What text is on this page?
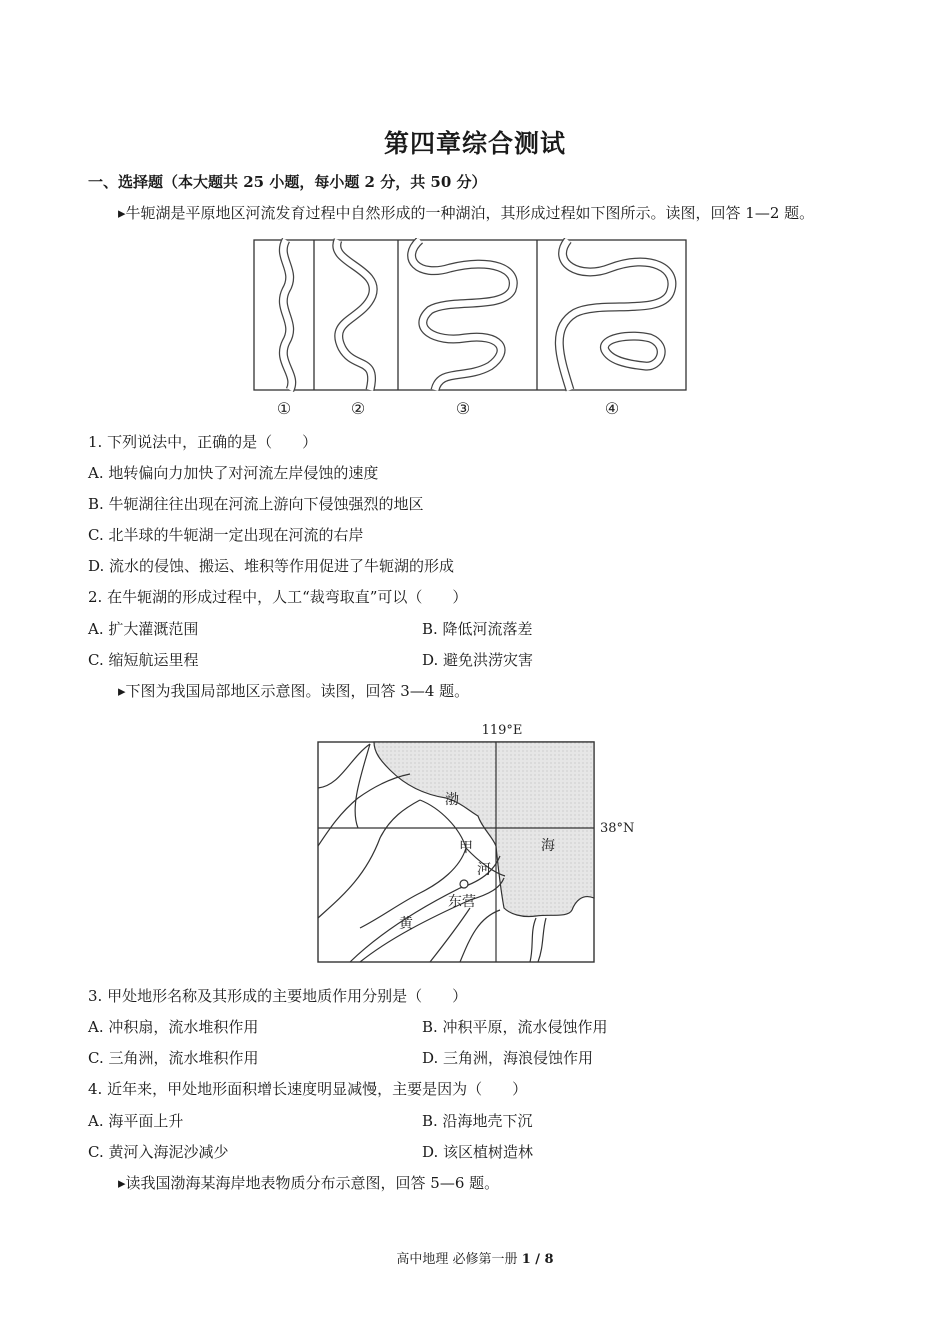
第四章综合测试
一、选择题（本大题共 25 小题，每小题 2 分，共 50 分）
▸牛轭湖是平原地区河流发育过程中自然形成的一种湖泊，其形成过程如下图所示。读图，回答 1—2 题。
①	②	③	④
1. 下列说法中，正确的是（　　）
A. 地转偏向力加快了对河流左岸侵蚀的速度
B. 牛轭湖往往出现在河流上游向下侵蚀强烈的地区
C. 北半球的牛轭湖一定出现在河流的右岸
D. 流水的侵蚀、搬运、堆积等作用促进了牛轭湖的形成
2. 在牛轭湖的形成过程中，人工“裁弯取直”可以（　　）
A. 扩大灌溉范围	B. 降低河流落差
C. 缩短航运里程	D. 避免洪涝灾害
▸下图为我国局部地区示意图。读图，回答 3—4 题。
119°E
38°N
渤
海
甲
河
东营
黄
3. 甲处地形名称及其形成的主要地质作用分别是（　　）
A. 冲积扇，流水堆积作用	B. 冲积平原，流水侵蚀作用
C. 三角洲，流水堆积作用	D. 三角洲，海浪侵蚀作用
4. 近年来，甲处地形面积增长速度明显减慢，主要是因为（　　）
A. 海平面上升	B. 沿海地壳下沉
C. 黄河入海泥沙减少	D. 该区植树造林
▸读我国渤海某海岸地表物质分布示意图，回答 5—6 题。
高中地理 必修第一册 1 / 8
